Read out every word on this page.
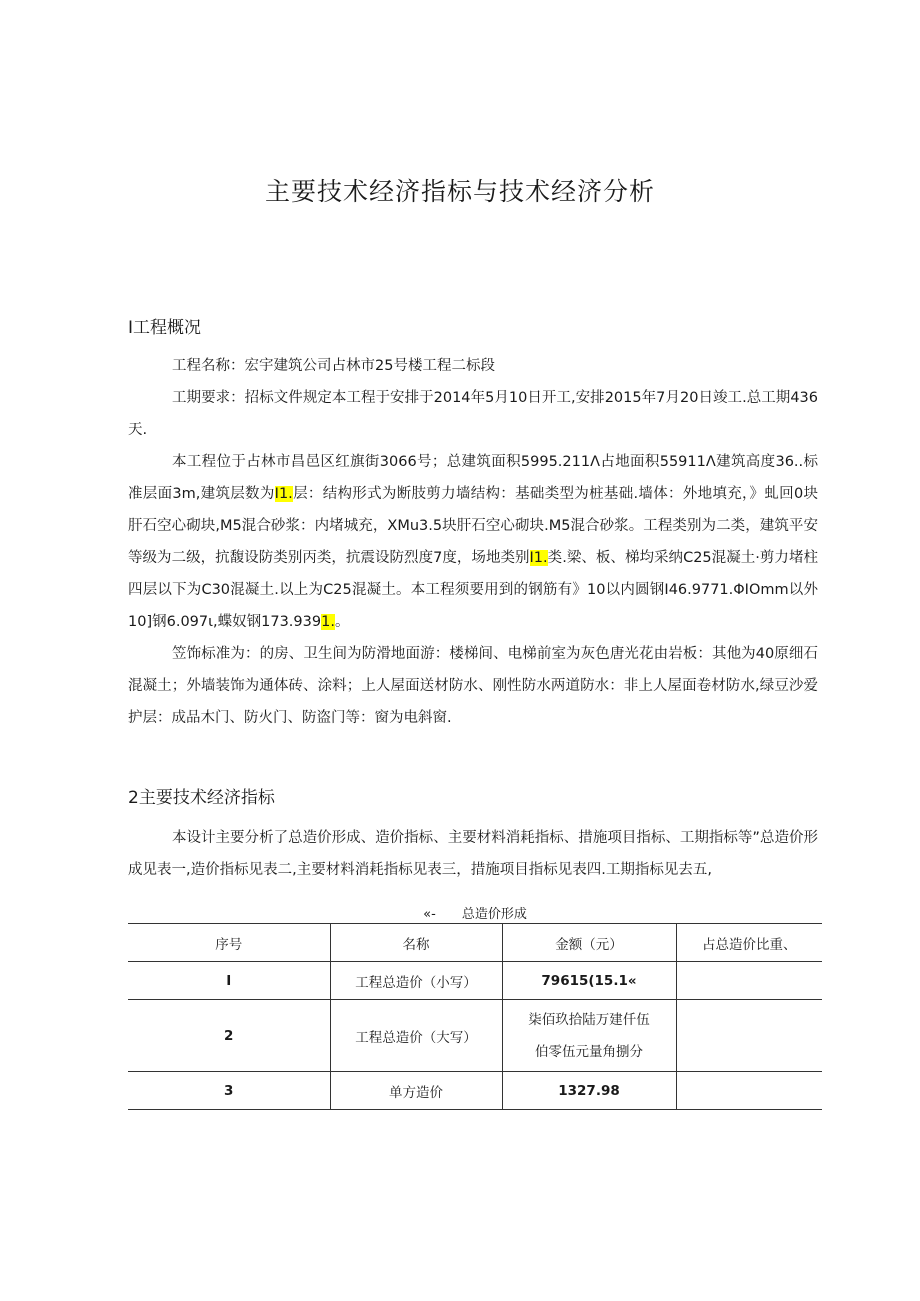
主要技术经济指标与技术经济分析
I工程概况

工程名称：宏宇建筑公司占林市25号楼工程二标段

工期要求：招标文件规定本工程于安排于2014年5月10日开工,安排2015年7月20日竣工.总工期436天.

本工程位于占林市昌邑区红旗街3066号；总建筑面积5995.211Λ占地面积55911Λ建筑高度36..标准层面3m,建筑层数为I1.层：结构形式为断肢剪力墙结构：基础类型为桩基础.墙体：外地填充，》虬回0块肝石空心砌块,M5混合砂浆：内堵城充，XMu3.5块肝石空心砌块.M5混合砂浆。工程类别为二类，建筑平安等级为二级，抗馥设防类别丙类，抗震设防烈度7度，场地类别I1.类.梁、板、梯均采纳C25混凝土·剪力堵柱四层以下为C30混凝土.以上为C25混凝土。本工程须要用到的钢筋有》10以内圆钢I46.9771.ΦIOmm以外10]钢6.097ι,蝶奴钢173.9391.。

笠饰标准为：的房、卫生间为防滑地面游：楼梯间、电梯前室为灰色唐光花由岩板：其他为40原细石混凝土；外墙装饰为通体砖、涂料；上人屋面送材防水、刚性防水两道防水：非上人屋面卷材防水,绿豆沙爱护层：成品木门、防火门、防盗门等：窗为电斜窗.

2主要技术经济指标

本设计主要分析了总造价形成、造价指标、主要材料消耗指标、措施项目指标、工期指标等”总造价形成见表一,造价指标见表二,主要材料消耗指标见表三，措施项目指标见表四.工期指标见去五,

«-　　总造价形成
序号	名称	金额（元）	占总造价比重、
I	工程总造价（小写）	79615(15.1«	
2	工程总造价（大写）	柒佰玖拾陆万建仟伍
伯零伍元量角捌分	

3	单方造价	1327.98	
